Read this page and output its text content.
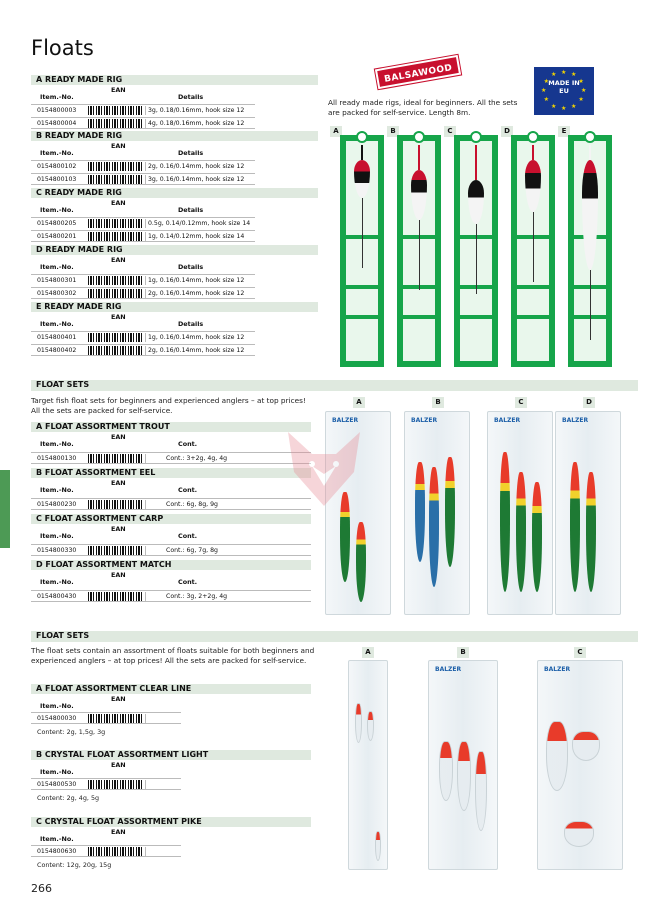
Floats
A READY MADE RIG
Item.-No.
EAN
Details
0154800003	3g, 0.18/0.16mm, hook size 12
0154800004	4g, 0.18/0.16mm, hook size 12
B READY MADE RIG
Item.-No.
EAN
Details
0154800102	2g, 0.16/0.14mm, hook size 12
0154800103	3g, 0.16/0.14mm, hook size 12
C READY MADE RIG
Item.-No.
EAN
Details
0154800205	0.5g, 0.14/0.12mm, hook size 14
0154800201	1g, 0.14/0.12mm, hook size 14
D READY MADE RIG
Item.-No.
EAN
Details
0154800301	1g, 0.16/0.14mm, hook size 12
0154800302	2g, 0.16/0.14mm, hook size 12
E READY MADE RIG
Item.-No.
EAN
Details
0154800401	1g, 0.16/0.14mm, hook size 12
0154800402	2g, 0.16/0.14mm, hook size 12
BALSAWOOD	MADE IN EU	★
★
★
★
★
★
★
★
★ ★ ★
★
All ready made rigs, ideal for beginners. All the sets are packed for self-service. Length 8m.
A	B	C	D	E
FLOAT SETS
Target fish float sets for beginners and experienced anglers – at top prices! All the sets are packed for self-service.
A FLOAT ASSORTMENT TROUT
Item.-No.
EAN
Cont.
0154800130	Cont.: 3+2g, 4g, 4g
B FLOAT ASSORTMENT EEL
Item.-No.
EAN
Cont.
0154800230	Cont.: 6g, 8g, 9g
C FLOAT ASSORTMENT CARP
Item.-No.
EAN
Cont.
0154800330	Cont.: 6g, 7g, 8g
D FLOAT ASSORTMENT MATCH
Item.-No.
EAN
Cont.
0154800430	Cont.: 3g, 2+2g, 4g
A
BALZER
B
BALZER
C
BALZER
D
BALZER
FLOAT SETS
The float sets contain an assortment of floats suitable for both beginners and experienced anglers – at top prices! All the sets are packed for self-service.
A FLOAT ASSORTMENT CLEAR LINE
Item.-No.
EAN
0154800030
Content: 2g, 1,5g, 3g
B CRYSTAL FLOAT ASSORTMENT LIGHT
Item.-No.
EAN
0154800530
Content: 2g, 4g, 5g
C CRYSTAL FLOAT ASSORTMENT PIKE
Item.-No.
EAN
0154800630
Content: 12g, 20g, 15g
A	B
BALZER
C
BALZER
266
